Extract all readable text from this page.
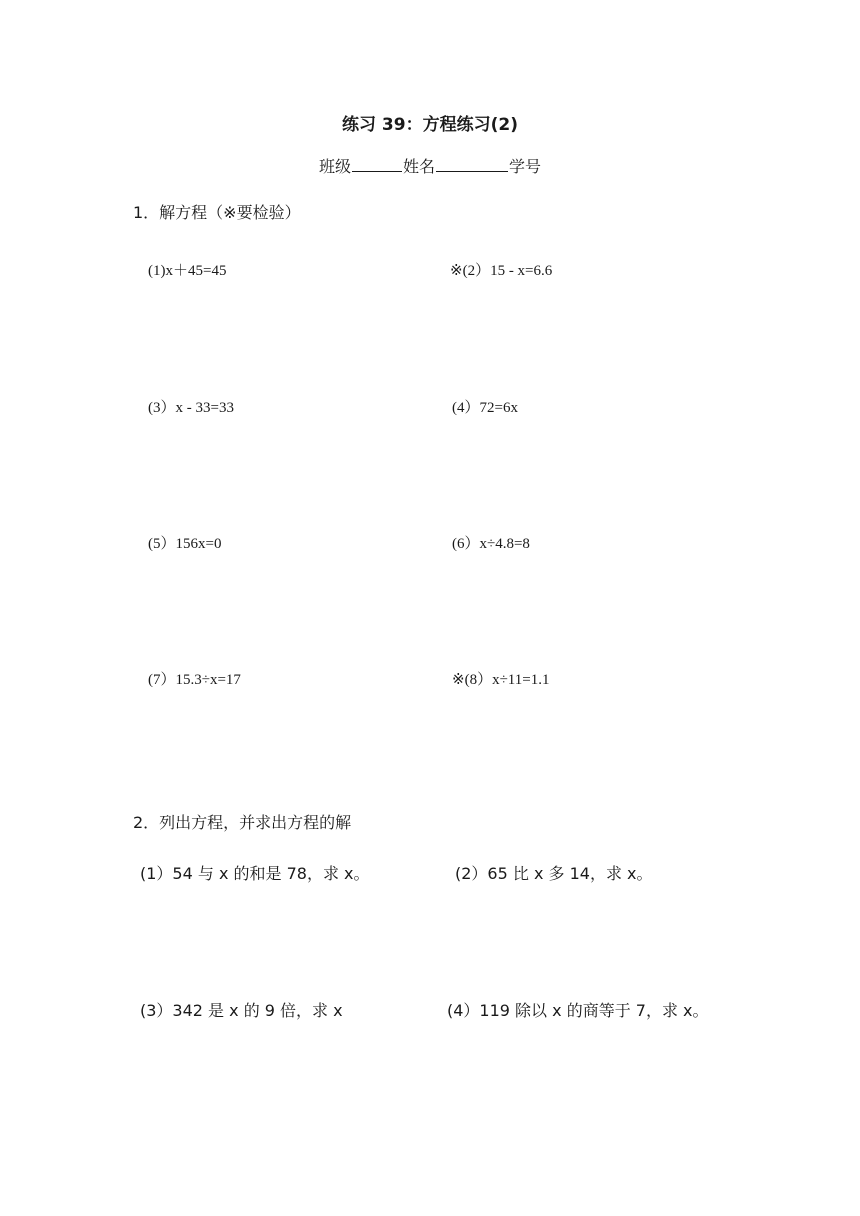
练习 39：方程练习(2)
班级	姓名	学号
1．解方程（※要检验）
(1)x＋45=45	※(2）15 - x=6.6
(3）x - 33=33	(4）72=6x
(5）156x=0	(6）x÷4.8=8
(7）15.3÷x=17	※(8）x÷11=1.1
2．列出方程，并求出方程的解
(1）54 与 x 的和是 78，求 x。	(2）65 比 x 多 14，求 x。
(3）342 是 x 的 9 倍，求 x	(4）119 除以 x 的商等于 7，求 x。
